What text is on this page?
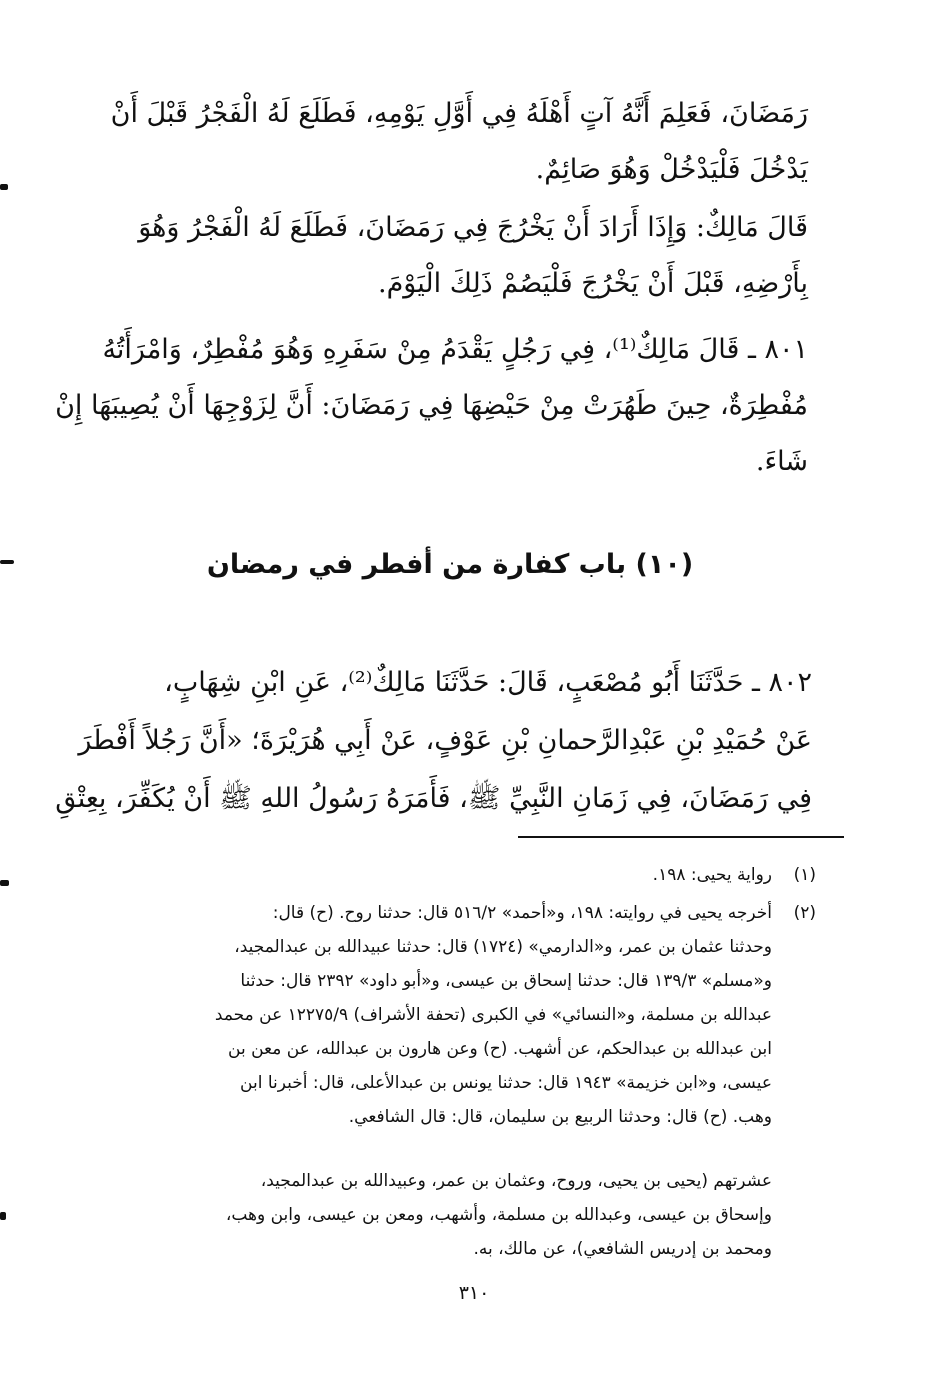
رَمَضَانَ، فَعَلِمَ أَنَّهُ آتٍ أَهْلَهُ فِي أَوَّلِ يَوْمِهِ، فَطَلَعَ لَهُ الْفَجْرُ قَبْلَ أَنْ
يَدْخُلَ فَلْيَدْخُلْ وَهُوَ صَائِمٌ.
قَالَ مَالِكٌ: وَإِذَا أَرَادَ أَنْ يَخْرُجَ فِي رَمَضَانَ، فَطَلَعَ لَهُ الْفَجْرُ وَهُوَ
بِأَرْضِهِ، قَبْلَ أَنْ يَخْرُجَ فَلْيَصُمْ ذَلِكَ الْيَوْمَ.
٨٠١ ـ قَالَ مَالِكٌ⁽¹⁾، فِي رَجُلٍ يَقْدَمُ مِنْ سَفَرِهِ وَهُوَ مُفْطِرٌ، وَامْرَأَتُهُ
مُفْطِرَةٌ، حِينَ طَهُرَتْ مِنْ حَيْضِهَا فِي رَمَضَانَ: أَنَّ لِزَوْجِهَا أَنْ يُصِيبَهَا إِنْ
شَاءَ.
(١٠) باب كفارة من أفطر في رمضان
٨٠٢ ـ حَدَّثَنَا أَبُو مُصْعَبٍ، قَالَ: حَدَّثَنَا مَالِكٌ⁽²⁾، عَنِ ابْنِ شِهَابٍ،
عَنْ حُمَيْدِ بْنِ عَبْدِالرَّحمانِ بْنِ عَوْفٍ، عَنْ أَبِي هُرَيْرَةَ؛ «أَنَّ رَجُلاً أَفْطَرَ
فِي رَمَضَانَ، فِي زَمَانِ النَّبِيِّ ﷺ، فَأَمَرَهُ رَسُولُ اللهِ ﷺ أَنْ يُكَفِّرَ، بِعِتْقِ
(١)رواية يحيى: ١٩٨.
(٢)أخرجه يحيى في روايته: ١٩٨، و«أحمد» ٥١٦/٢ قال: حدثنا روح. (ح) قال:
وحدثنا عثمان بن عمر، و«الدارمي» (١٧٢٤) قال: حدثنا عبيدالله بن عبدالمجيد،
و«مسلم» ١٣٩/٣ قال: حدثنا إسحاق بن عيسى، و«أبو داود» ٢٣٩٢ قال: حدثنا
عبدالله بن مسلمة، و«النسائي» في الكبرى (تحفة الأشراف) ١٢٢٧٥/٩ عن محمد
ابن عبدالله بن عبدالحكم، عن أشهب. (ح) وعن هارون بن عبدالله، عن معن بن
عيسى، و«ابن خزيمة» ١٩٤٣ قال: حدثنا يونس بن عبدالأعلى، قال: أخبرنا ابن
وهب. (ح) قال: وحدثنا الربيع بن سليمان، قال: قال الشافعي.
عشرتهم (يحيى بن يحيى، وروح، وعثمان بن عمر، وعبيدالله بن عبدالمجيد،
وإسحاق بن عيسى، وعبدالله بن مسلمة، وأشهب، ومعن بن عيسى، وابن وهب،
ومحمد بن إدريس الشافعي)، عن مالك، به.
٣١٠
